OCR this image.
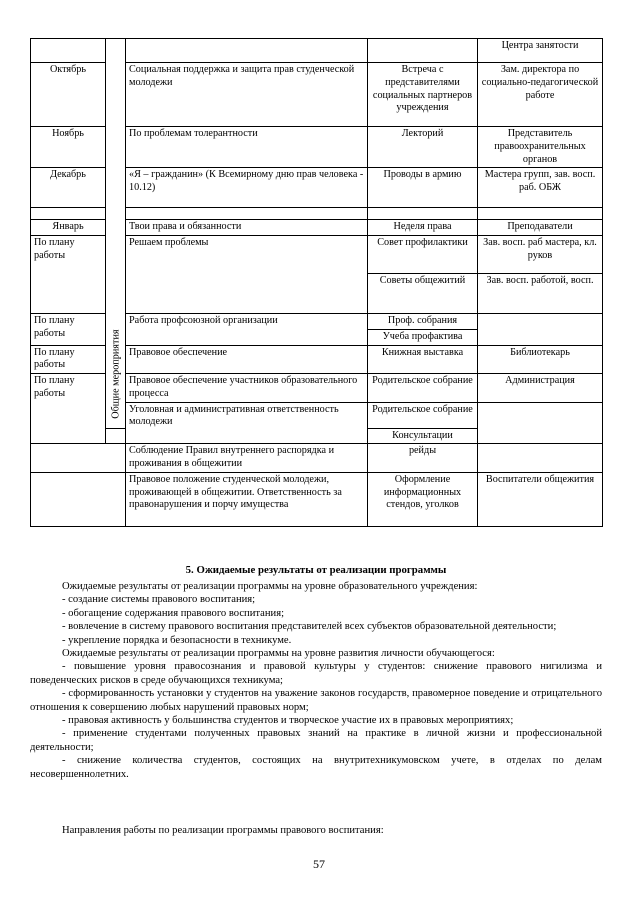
	Общие мероприятия			Центра занятости
Октябрь		Социальная поддержка и защита прав студенческой молодежи	Встреча с представителями социальных партнеров учреждения	Зам. директора по социально-педагогической работе
Ноябрь		По проблемам толерантности	Лекторий	Представитель правоохранительных органов
Декабрь		«Я – гражданин» (К Всемирному дню прав человека - 10.12)	Проводы в армию	Мастера групп, зав. восп. раб. ОБЖ

Январь		Твои права и обязанности	Неделя права	Преподаватели
По плану работы		Решаем проблемы	Совет профилактики	Зав. восп. раб мастера, кл. руков
			Советы общежитий	Зав. восп. работой, восп.
По плану работы		Работа профсоюзной организации	Проф. собрания	
			Учеба профактива	
По плану работы		Правовое обеспечение	Книжная выставка	Библиотекарь
По плану работы		Правовое обеспечение участников образовательного процесса	Родительское собрание	Администрация
		Уголовная и административная ответственность молодежи	Родительское собрание	
			Консультации	
		Соблюдение Правил внутреннего распорядка и проживания в общежитии	рейды	
		Правовое положение студенческой молодежи, проживающей в общежитии. Ответственность за правонарушения и порчу имущества	Оформление информационных стендов, уголков	Воспитатели общежития
5. Ожидаемые результаты от реализации программы

Ожидаемые результаты от реализации программы на уровне образовательного учреждения:

- создание системы правового воспитания;

- обогащение содержания правового воспитания;

- вовлечение в систему правового воспитания представителей всех субъектов образовательной деятельности;

- укрепление порядка и безопасности в техникуме.

Ожидаемые результаты от реализации программы на уровне развития личности обучающегося:

- повышение уровня правосознания и правовой культуры у студентов: снижение правового нигилизма и поведенческих рисков в среде обучающихся техникума;

- сформированность установки у студентов на уважение законов государств, правомерное поведение и отрицательного отношения к совершению любых нарушений правовых норм;

- правовая активность у большинства студентов и творческое участие их в правовых мероприятиях;

- применение студентами полученных правовых знаний на практике в личной жизни и профессиональной деятельности;

- снижение количества студентов, состоящих на внутритехникумовском учете, в отделах по делам несовершеннолетних.

Направления работы по реализации программы правового воспитания:

57
